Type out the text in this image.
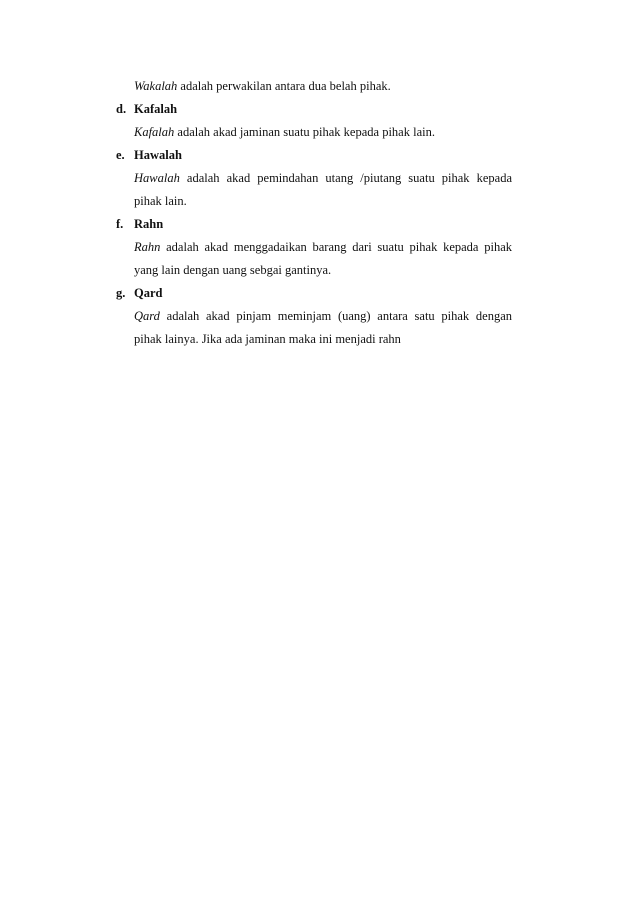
Wakalah adalah perwakilan antara dua belah pihak.
d. Kafalah
Kafalah adalah akad jaminan suatu pihak kepada pihak lain.
e. Hawalah
Hawalah adalah akad pemindahan utang /piutang suatu pihak kepada
pihak lain.
f. Rahn
Rahn adalah akad menggadaikan barang dari suatu pihak kepada pihak
yang lain dengan uang sebgai gantinya.
g. Qard
Qard adalah akad pinjam meminjam (uang) antara satu pihak dengan
pihak lainya. Jika ada jaminan maka ini menjadi rahn
